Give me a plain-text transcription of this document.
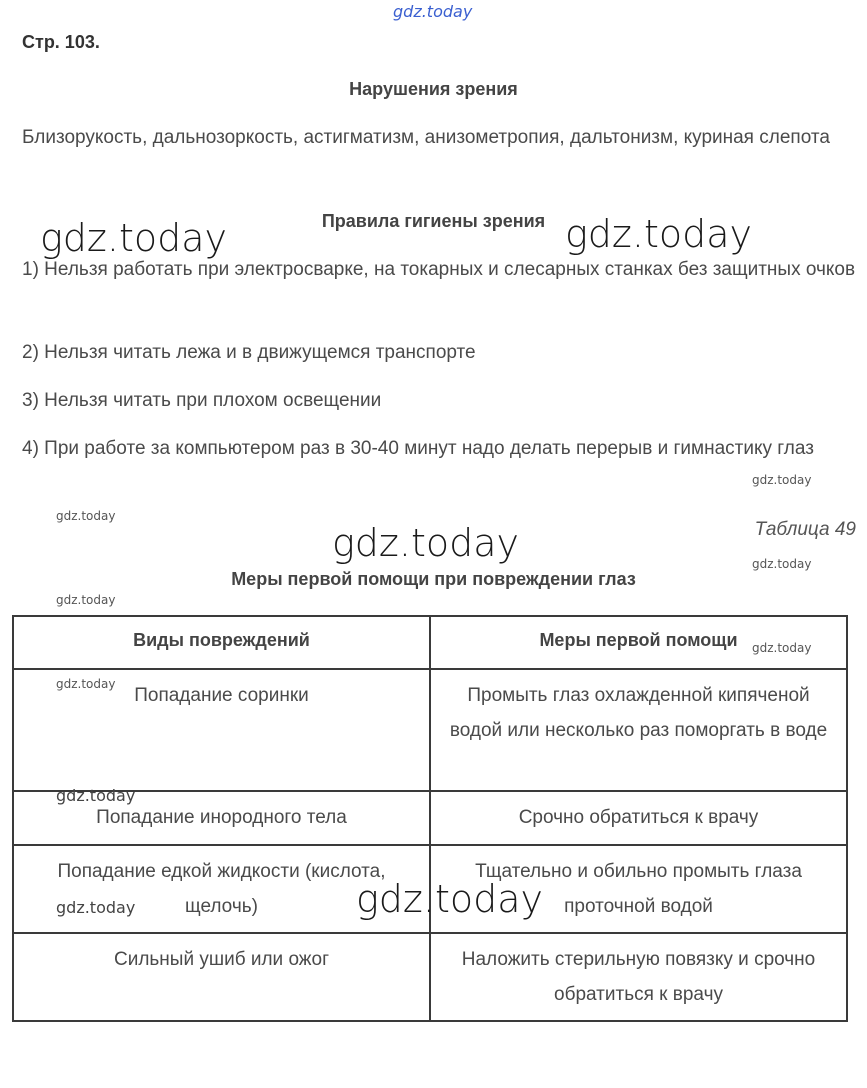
gdz.today
Стр. 103.
Нарушения зрения
Близорукость, дальнозоркость, астигматизм, анизометропия, дальтонизм, куриная слепота
Правила гигиены зрения
1) Нельзя работать при электросварке, на токарных и слесарных станках без защитных очков
2) Нельзя читать лежа и в движущемся транспорте
3) Нельзя читать при плохом освещении
4) При работе за компьютером раз в 30-40 минут надо делать перерыв и гимнастику глаз
Таблица 49
Меры первой помощи при повреждении глаз
Виды повреждений	Меры первой помощи
Попадание соринки	Промыть глаз охлажденной кипяченой водой или несколько раз поморгать в воде
Попадание инородного тела	Срочно обратиться к врачу
Попадание едкой жидкости (кислота, щелочь)	Тщательно и обильно промыть глаза проточной водой
Сильный ушиб или ожог	Наложить стерильную повязку и срочно обратиться к врачу
gdz.today	gdz.today
gdz.today
gdz.today
gdz.today
gdz.today
gdz.today
gdz.today
gdz.today
gdz.today
gdz.today
gdz.today
